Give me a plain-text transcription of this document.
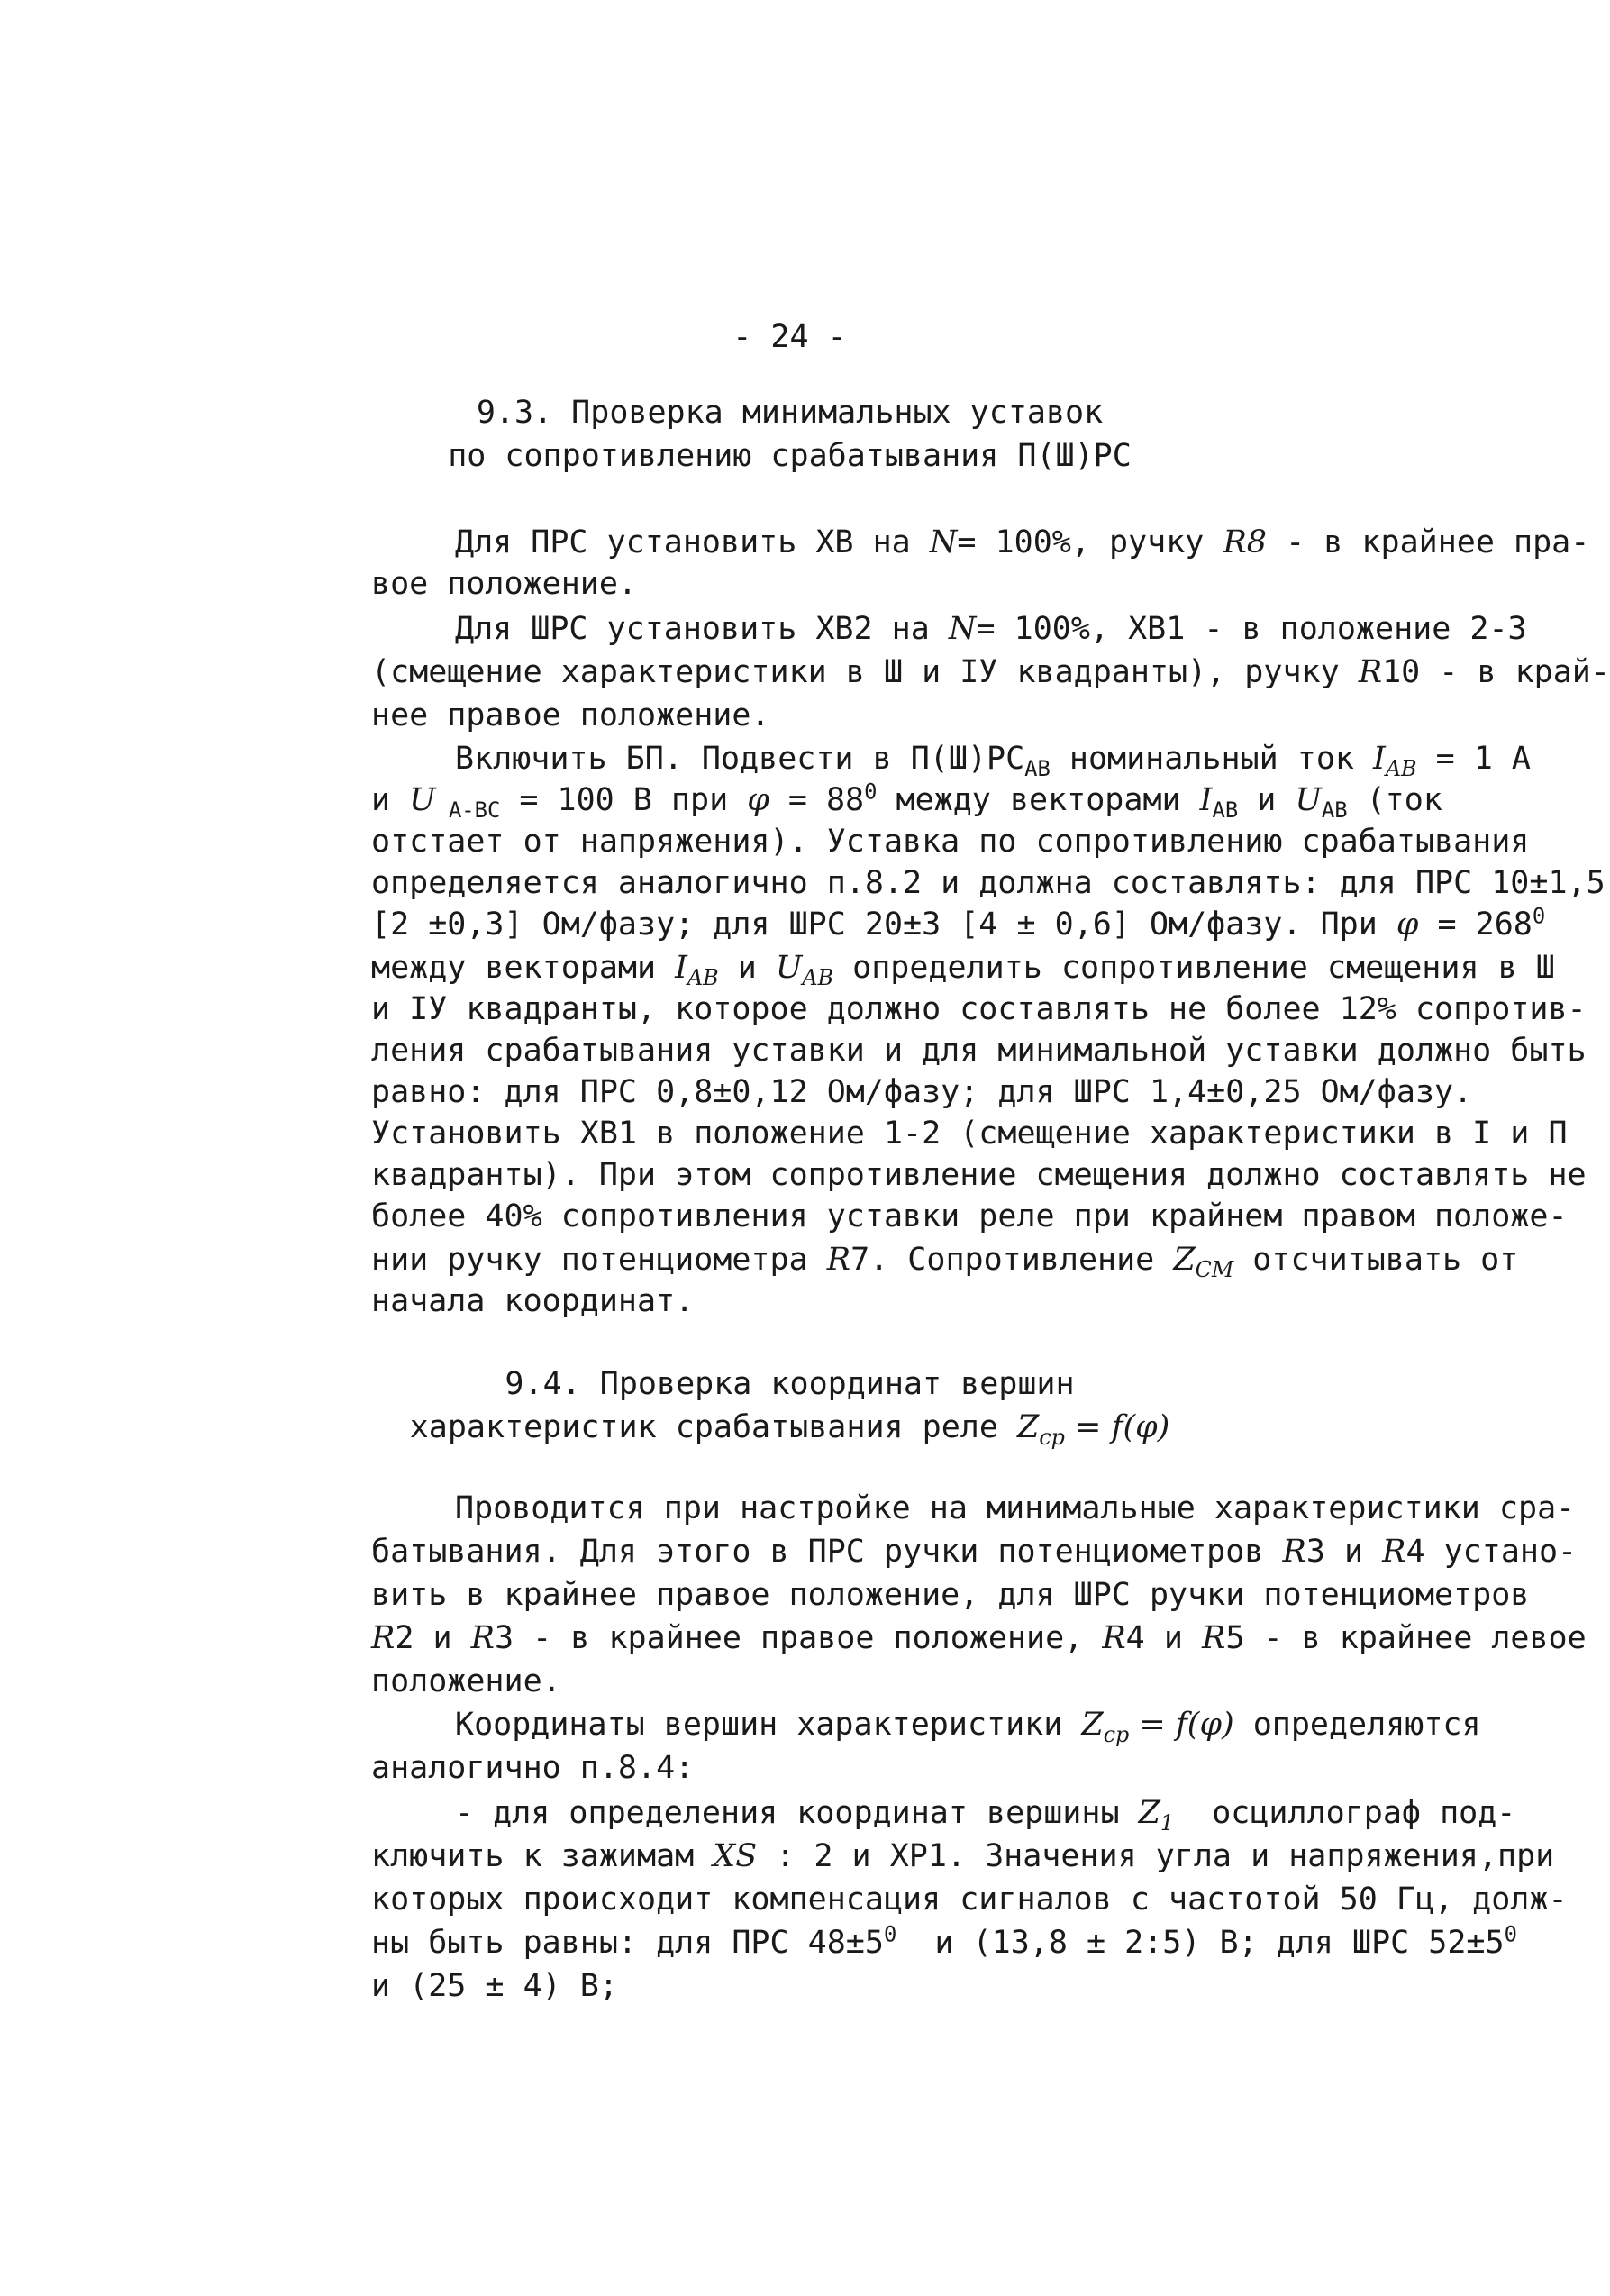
- 24 -
9.3. Проверка минимальных уставок
по сопротивлению срабатывания П(Ш)РС
Для ПРС установить ХВ на N= 100%, ручку R8 - в крайнее пра-
вое положение.
Для ШРС установить ХВ2 на N= 100%, ХВ1 - в положение 2-3
(смещение характеристики в Ш и IУ квадранты), ручку R10 - в край-
нее правое положение.
Включить БП. Подвести в $П(Ш)РС_{АВ}$ номинальный ток $I_{AB} = 1$ A
и U $_{A-ВС}$ = 100 В при $\varphi = 88^0$ между векторами $I_{АВ}$ и $U_{АВ}$ (ток
отстает от напряжения). Уставка по сопротивлению срабатывания
определяется аналогично п.8.2 и должна составлять: для ПРС 10±1,5
[2 ±0,3] Ом/фазу; для ШРС 20±3 [4 ± 0,6] Ом/фазу. При $\varphi = 268^0$
между векторами $I_{AB}$ и $U_{AB}$ определить сопротивление смещения в Ш
и IУ квадранты, которое должно составлять не более 12% сопротив-
ления срабатывания уставки и для минимальной уставки должно быть
равно: для ПРС 0,8±0,12 Ом/фазу; для ШРС 1,4±0,25 Ом/фазу.
Установить ХВ1 в положение 1-2 (смещение характеристики в I и П
квадранты). При этом сопротивление смещения должно составлять не
более 40% сопротивления уставки реле при крайнем правом положе-
нии ручку потенциометра R7. Сопротивление $Z_{CM}$ отсчитывать от
начала координат.
9.4. Проверка координат вершин
характеристик срабатывания реле $Z_{ср} = f(\varphi)$
Проводится при настройке на минимальные характеристики сра-
батывания. Для этого в ПРС ручки потенциометров R3 и R4 устано-
вить в крайнее правое положение, для ШРС ручки потенциометров
R2 и R3 - в крайнее правое положение, R4 и R5 - в крайнее левое
положение.
Координаты вершин характеристики $Z_{ср} = f(\varphi)$ определяются
аналогично п.8.4:
- для определения координат вершины $Z_1$  осциллограф под-
ключить к зажимам XS : 2 и ХР1. Значения угла и напряжения,при
которых происходит компенсация сигналов с частотой 50 Гц, долж-
ны быть равны: для ПРС $48\pm 5^0$  и (13,8 ± 2:5) В; для ШРС $52\pm 5^0$
и (25 ± 4) В;
